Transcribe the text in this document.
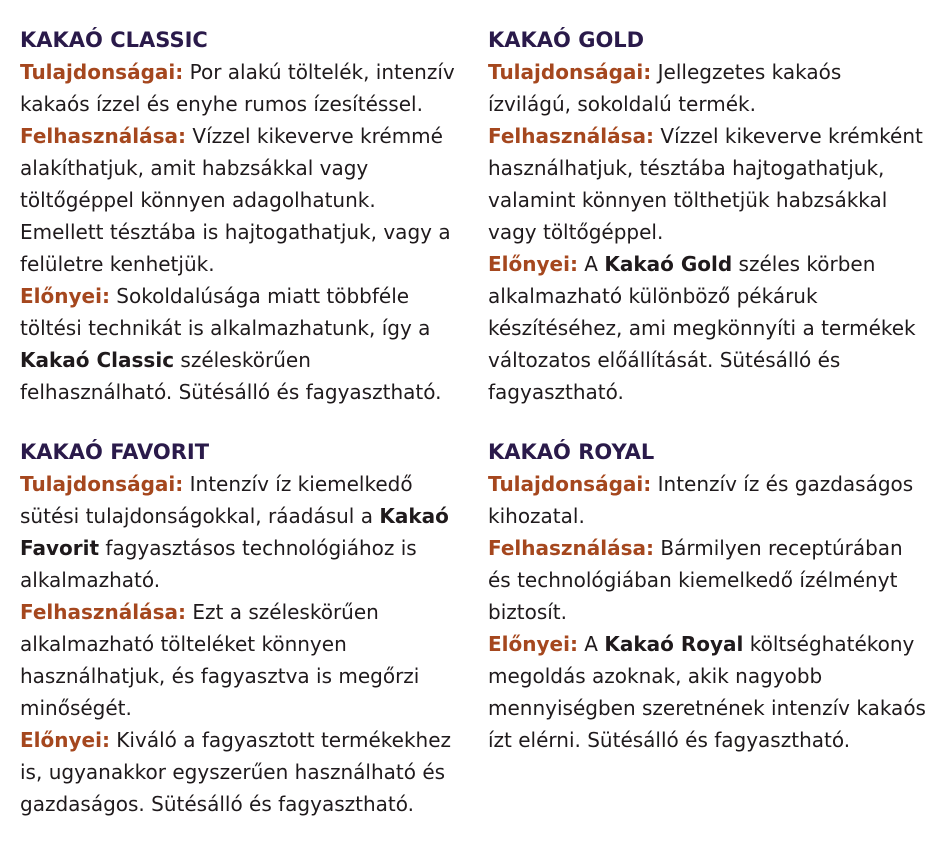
KAKAÓ CLASSIC

Tulajdonságai: Por alakú töltelék, intenzív kakaós ízzel és enyhe rumos ízesítéssel.

Felhasználása: Vízzel kikeverve krémmé alakíthatjuk, amit habzsákkal vagy töltőgéppel könnyen adagolhatunk. Emellett tésztába is hajtogathatjuk, vagy a felületre kenhetjük.

Előnyei: Sokoldalúsága miatt többféle töltési technikát is alkalmazhatunk, így a Kakaó Classic széleskörűen felhasználható. Sütésálló és fagyasztható.

KAKAÓ FAVORIT

Tulajdonságai: Intenzív íz kiemelkedő sütési tulajdonságokkal, ráadásul a Kakaó Favorit fagyasztásos technológiához is alkalmazható.

Felhasználása: Ezt a széleskörűen alkalmazható tölteléket könnyen használhatjuk, és fagyasztva is megőrzi minőségét.

Előnyei: Kiváló a fagyasztott termékekhez is, ugyanakkor egyszerűen használható és gazdaságos. Sütésálló és fagyasztható.

KAKAÓ GOLD

Tulajdonságai: Jellegzetes kakaós ízvilágú, sokoldalú termék.

Felhasználása: Vízzel kikeverve krémként használhatjuk, tésztába hajtogathatjuk, valamint könnyen tölthetjük habzsákkal vagy töltőgéppel.

Előnyei: A Kakaó Gold széles körben alkalmazható különböző pékáruk készítéséhez, ami megkönnyíti a termékek változatos előállítását. Sütésálló és fagyasztható.

KAKAÓ ROYAL

Tulajdonságai: Intenzív íz és gazdaságos kihozatal.

Felhasználása: Bármilyen receptúrában és technológiában kiemelkedő ízélményt biztosít.

Előnyei: A Kakaó Royal költséghatékony megoldás azoknak, akik nagyobb mennyiségben szeretnének intenzív kakaós ízt elérni. Sütésálló és fagyasztható.
